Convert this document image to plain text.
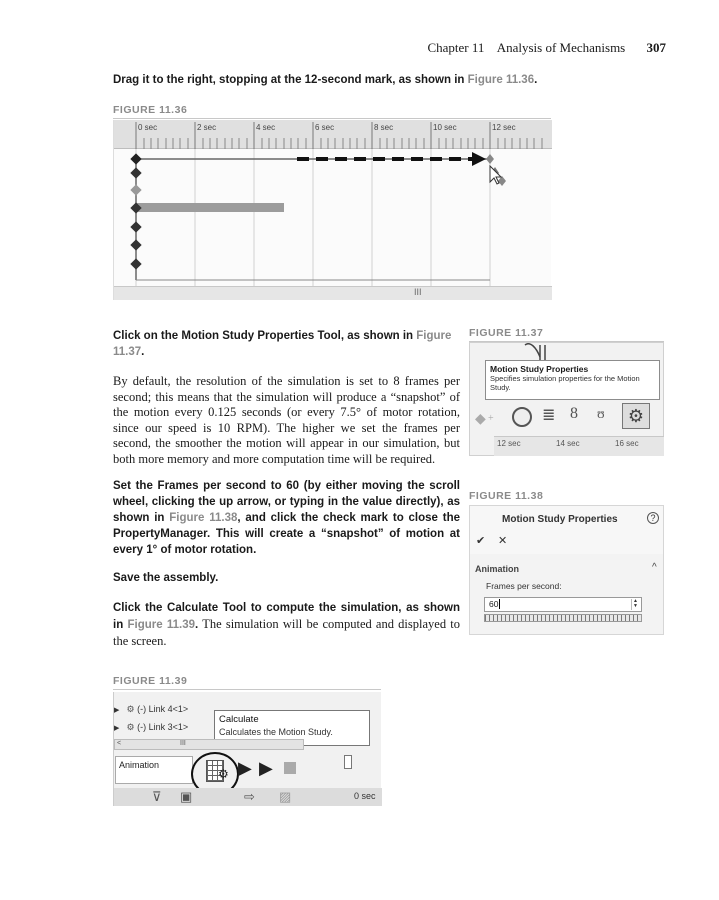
Chapter 11 Analysis of Mechanisms 307
Drag it to the right, stopping at the 12-second mark, as shown in Figure 11.36.
FIGURE 11.36
0 sec	2 sec	4 sec	6 sec	8 sec	10 sec	12 sec
III
Click on the Motion Study Properties Tool, as shown in Figure 11.37.
By default, the resolution of the simulation is set to 8 frames per second; this means that the simulation will produce a “snapshot” of the motion every 0.125 seconds (or every 7.5° of motor rotation, since our speed is 10 RPM). The higher we set the frames per second, the smoother the motion will appear in our simulation, but both more memory and more computation time will be required.
FIGURE 11.37
Motion Study Properties
Specifies simulation properties for the Motion Study.
◆ +	≣ 8 ʊ	⚙
12 sec	14 sec	16 sec
Set the Frames per second to 60 (by either moving the scroll wheel, clicking the up arrow, or typing in the value directly), as shown in Figure 11.38, and click the check mark to close the PropertyManager. This will create a “snapshot” of motion at every 1° of motor rotation.
FIGURE 11.38
Motion Study Properties	?
✔ ✕
Animation	^
Frames per second:
60	▲
▼
Save the assembly.
Click the Calculate Tool to compute the simulation, as shown in Figure 11.39. The simulation will be computed and displayed to the screen.
FIGURE 11.39

▶ ⚙ (-) Link 4<1>
▶ ⚙ (-) Link 3<1>
Calculate
Calculates the Motion Study.
<	III
Animation
⚙ ▶ ▶
⊽ ▣	⇨ ▨	0 sec
